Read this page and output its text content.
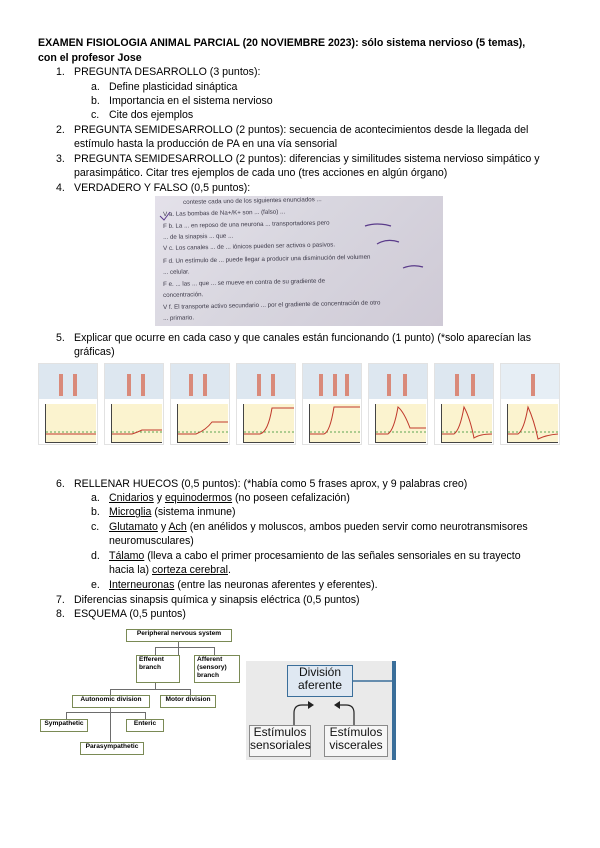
EXAMEN FISIOLOGIA ANIMAL PARCIAL (20 NOVIEMBRE 2023): sólo sistema nervioso (5 temas),
con el profesor Jose
1. PREGUNTA DESARROLLO (3 puntos):
a. Define plasticidad sináptica
b. Importancia en el sistema nervioso
c. Cite dos ejemplos
2. PREGUNTA SEMIDESARROLLO (2 puntos): secuencia de acontecimientos desde la llegada del
estímulo hasta la producción de PA en una vía sensorial
3. PREGUNTA SEMIDESARROLLO (2 puntos): diferencias y similitudes sistema nervioso simpático y
parasimpático. Citar tres ejemplos de cada uno (tres acciones en algún órgano)
4. VERDADERO Y FALSO (0,5 puntos):
conteste cada uno de los siguientes enunciados ...
V a. Las bombas de Na+/K+ son ... (falso) ...
F b. La ... en reposo de una neurona ... transportadores pero
... de la sinapsis ... que ...
V c. Los canales ... de ... iónicos pueden ser activos o pasivos.
F d. Un estímulo de ... puede llegar a producir una disminución del volumen
... celular.
F e. ... las ... que ... se mueve en contra de su gradiente de
concentración.
V f. El transporte activo secundario ... por el gradiente de concentración de otro
... primario.
5. Explicar que ocurre en cada caso y que canales están funcionando (1 punto) (*solo aparecían las
gráficas)
6. RELLENAR HUECOS (0,5 puntos): (*había como 5 frases aprox, y 9 palabras creo)
a. Cnidarios y equinodermos (no poseen cefalización)
b. Microglia (sistema inmune)
c. Glutamato y Ach (en anélidos y moluscos, ambos pueden servir como neurotransmisores
neuromusculares)
d. Tálamo (lleva a cabo el primer procesamiento de las señales sensoriales en su trayecto
hacia la) corteza cerebral.
e. Interneuronas (entre las neuronas aferentes y eferentes).
7. Diferencias sinapsis química y sinapsis eléctrica (0,5 puntos)
8. ESQUEMA (0,5 puntos)
Peripheral nervous system
Efferent branch
Afferent (sensory) branch
Autonomic division	Motor division
Sympathetic	Enteric
Parasympathetic
División
aferente
Estímulos
sensoriales
Estímulos
viscerales
